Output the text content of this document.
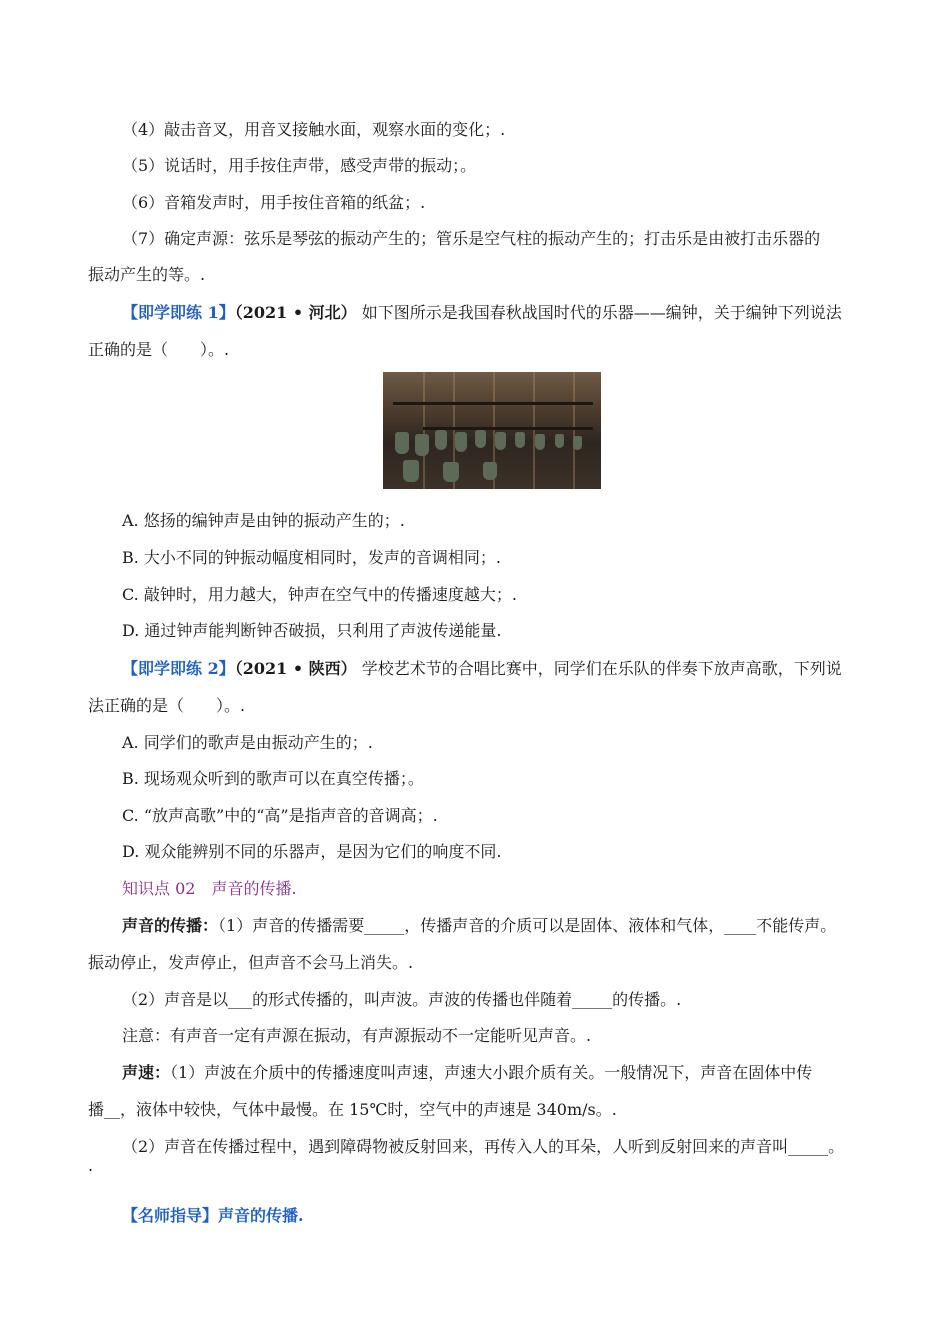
（4）敲击音叉，用音叉接触水面，观察水面的变化；.
（5）说话时，用手按住声带，感受声带的振动；。
（6）音箱发声时，用手按住音箱的纸盆；.
（7）确定声源：弦乐是琴弦的振动产生的；管乐是空气柱的振动产生的；打击乐是由被打击乐器的
振动产生的等。.
【即学即练 1】（2021 • 河北） 如下图所示是我国春秋战国时代的乐器——编钟，关于编钟下列说法
正确的是（　　）。.
A. 悠扬的编钟声是由钟的振动产生的；.
B. 大小不同的钟振动幅度相同时，发声的音调相同；.
C. 敲钟时，用力越大，钟声在空气中的传播速度越大；.
D. 通过钟声能判断钟否破损，只利用了声波传递能量.
【即学即练 2】（2021 • 陕西） 学校艺术节的合唱比赛中，同学们在乐队的伴奏下放声高歌，下列说
法正确的是（　　）。.
A. 同学们的歌声是由振动产生的；.
B. 现场观众听到的歌声可以在真空传播；。
C. “放声高歌”中的“高”是指声音的音调高；.
D. 观众能辨别不同的乐器声，是因为它们的响度不同.
知识点 02　声音的传播.
声音的传播：（1）声音的传播需要_____，传播声音的介质可以是固体、液体和气体，____不能传声。
振动停止，发声停止，但声音不会马上消失。.
（2）声音是以___的形式传播的，叫声波。声波的传播也伴随着_____的传播。.
注意：有声音一定有声源在振动，有声源振动不一定能听见声音。.
声速：（1）声波在介质中的传播速度叫声速，声速大小跟介质有关。一般情况下，声音在固体中传
播__，液体中较快，气体中最慢。在 15℃时，空气中的声速是 340m/s。.
（2）声音在传播过程中，遇到障碍物被反射回来，再传入人的耳朵，人听到反射回来的声音叫_____。
.
【名师指导】声音的传播.
